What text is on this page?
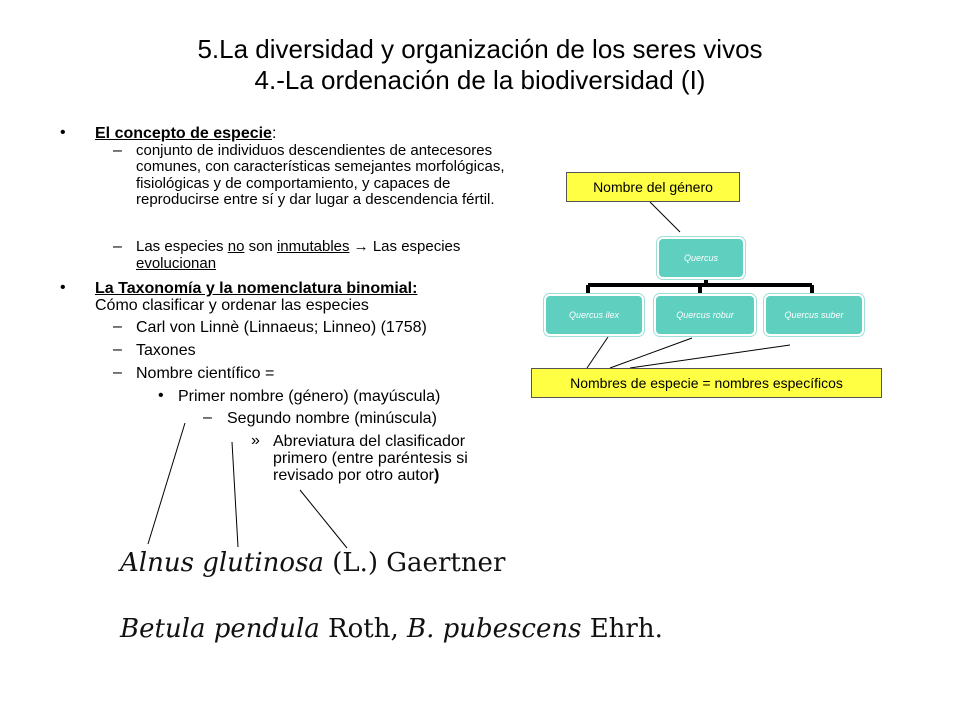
5.La diversidad y organización de los seres vivos
4.-La ordenación de la biodiversidad (I)
• El concepto de especie:
– conjunto de individuos descendientes de antecesores comunes, con características semejantes morfológicas, fisiológicas y de comportamiento, y capaces de reproducirse entre sí y dar lugar a descendencia fértil.
– Las especies no son inmutables → Las especies evolucionan
• La Taxonomía y la nomenclatura binomial:
Cómo clasificar y ordenar las especies
– Carl von Linnè (Linnaeus; Linneo) (1758)
– Taxones
– Nombre científico =
• Primer nombre (género) (mayúscula)
– Segundo nombre (minúscula)
» Abreviatura del clasificador primero (entre paréntesis si revisado por otro autor)
Nombre del género
Quercus
Quercus ilex	Quercus robur	Quercus suber
Nombres de especie = nombres específicos
Alnus glutinosa (L.) Gaertner
Betula pendula Roth, B. pubescens Ehrh.
